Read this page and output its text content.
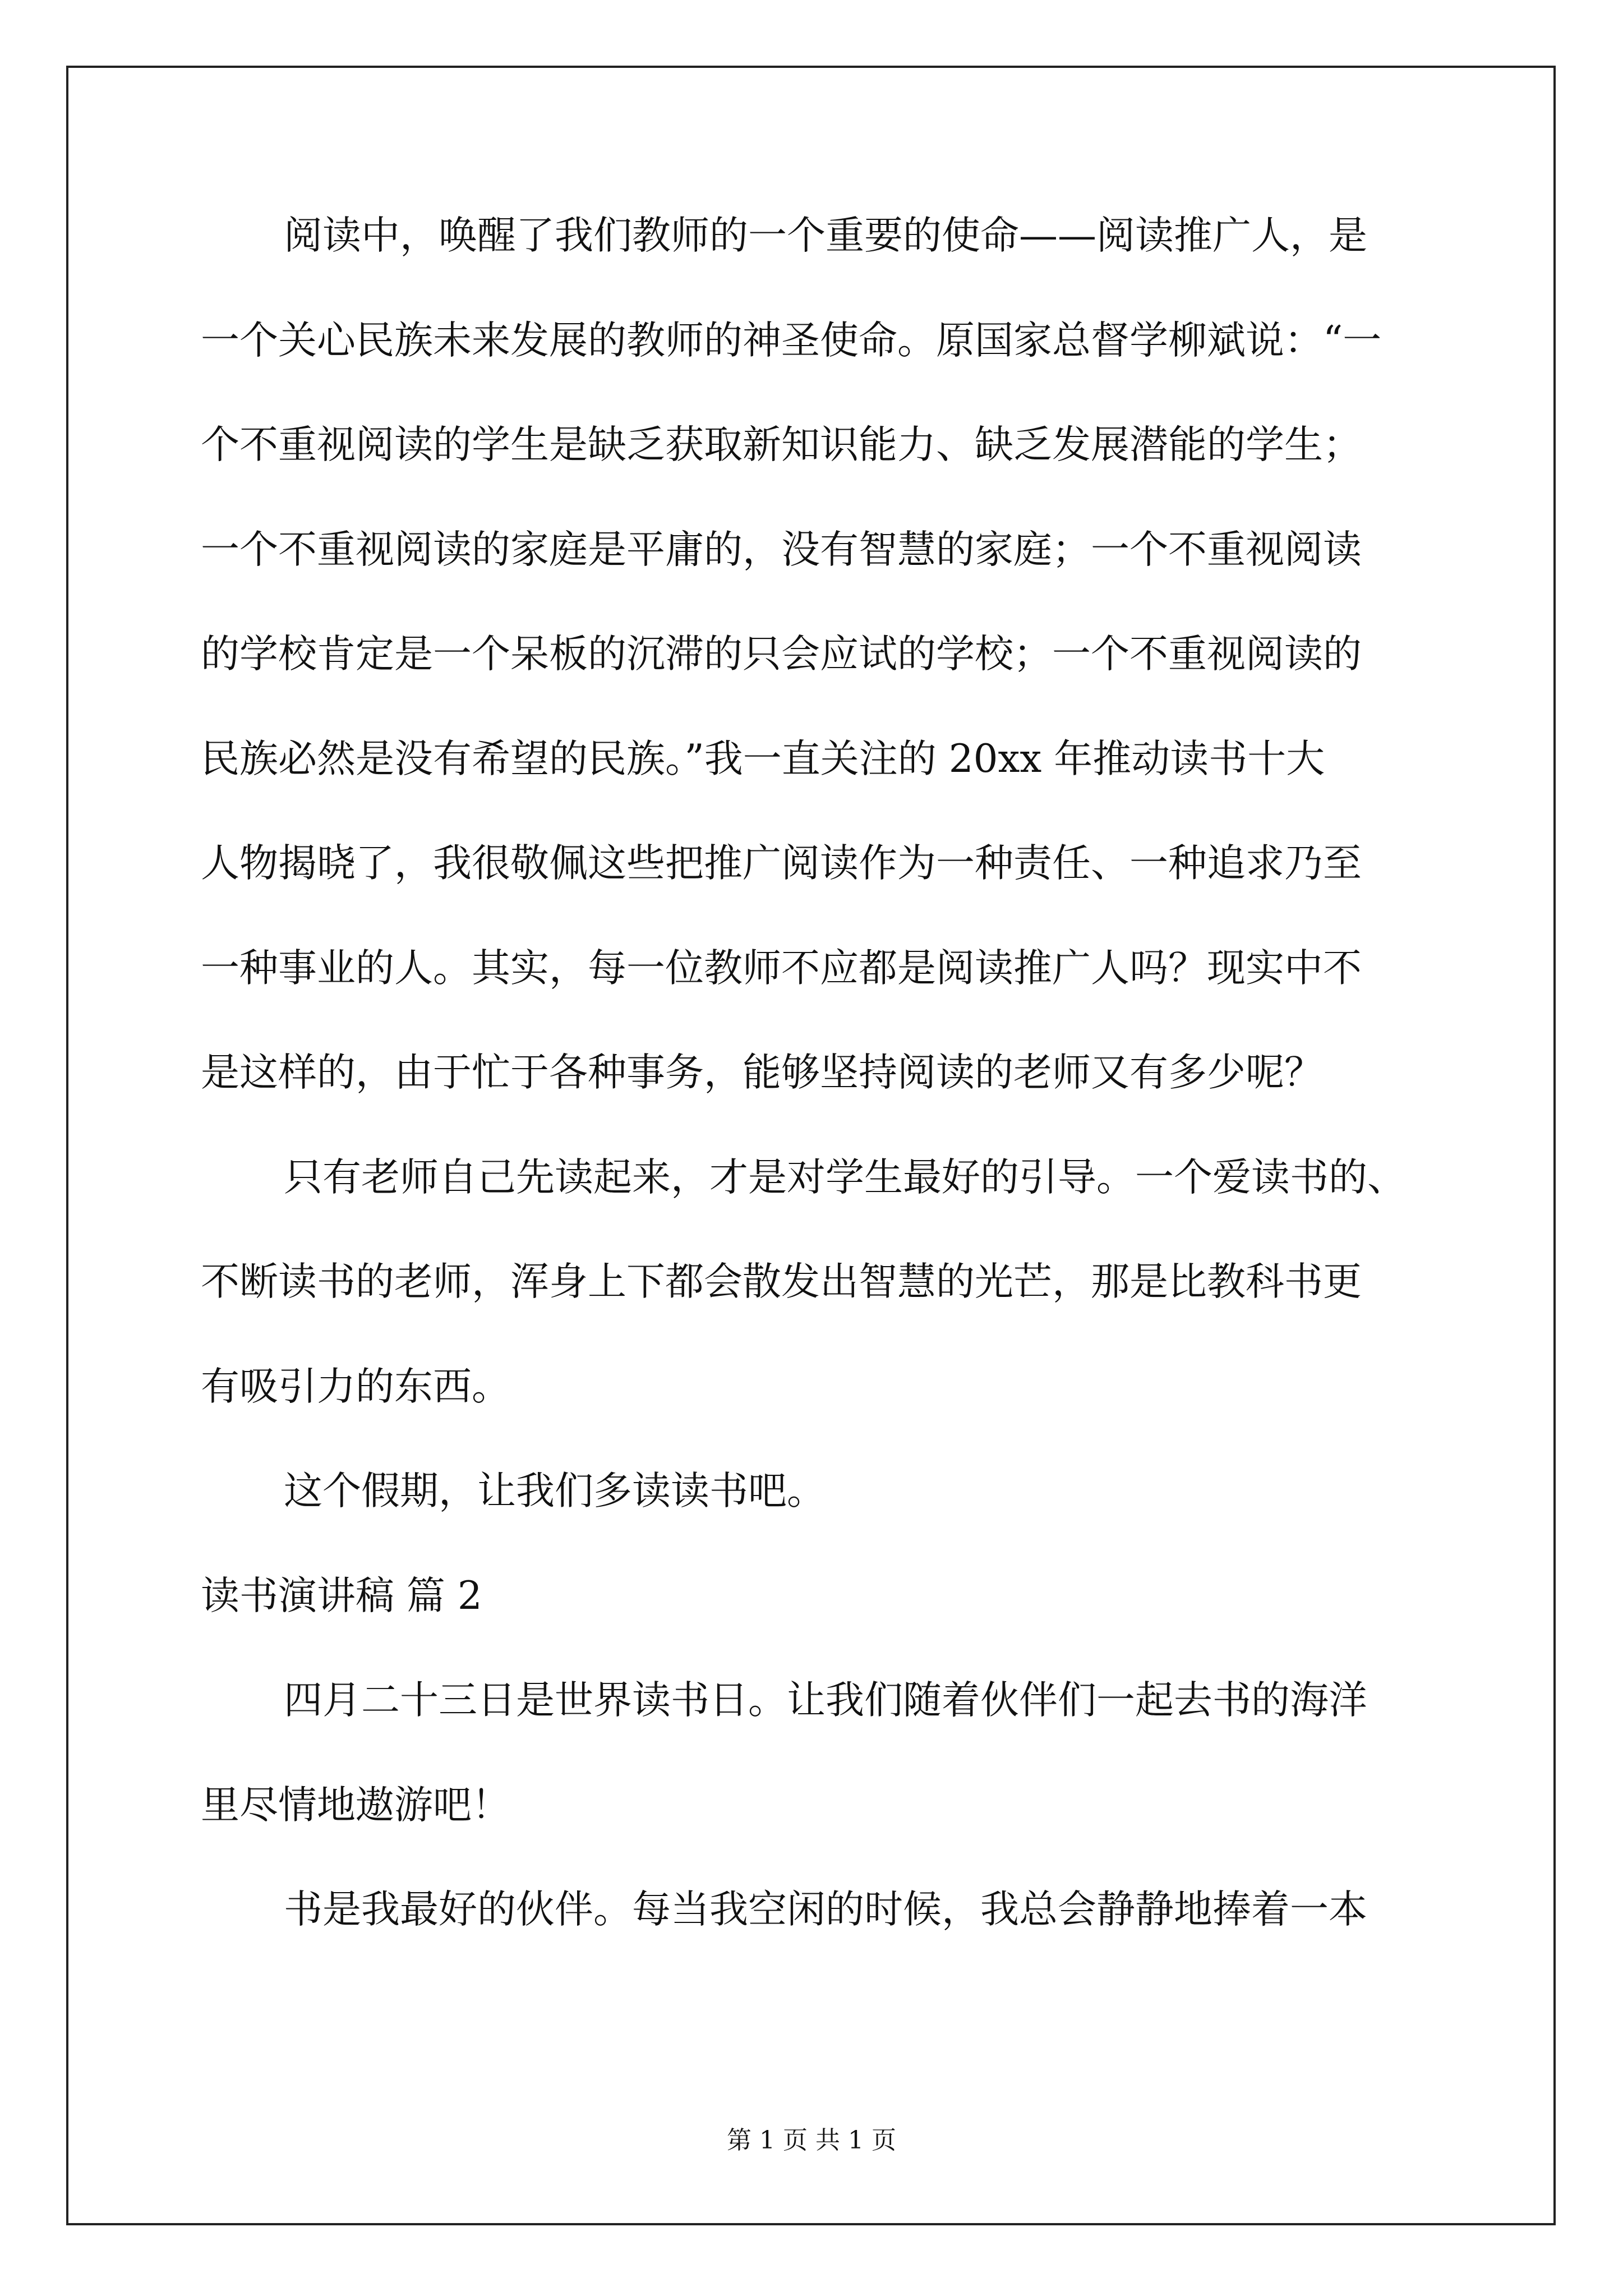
阅读中，唤醒了我们教师的一个重要的使命——阅读推广人，是
一个关心民族未来发展的教师的神圣使命。原国家总督学柳斌说：“一
个不重视阅读的学生是缺乏获取新知识能力、缺乏发展潜能的学生；
一个不重视阅读的家庭是平庸的，没有智慧的家庭；一个不重视阅读
的学校肯定是一个呆板的沉滞的只会应试的学校；一个不重视阅读的
民族必然是没有希望的民族。”我一直关注的 20xx 年推动读书十大
人物揭晓了，我很敬佩这些把推广阅读作为一种责任、一种追求乃至
一种事业的人。其实，每一位教师不应都是阅读推广人吗？现实中不
是这样的，由于忙于各种事务，能够坚持阅读的老师又有多少呢？
只有老师自己先读起来，才是对学生最好的引导。一个爱读书的、
不断读书的老师，浑身上下都会散发出智慧的光芒，那是比教科书更
有吸引力的东西。
这个假期，让我们多读读书吧。
读书演讲稿 篇 2
四月二十三日是世界读书日。让我们随着伙伴们一起去书的海洋
里尽情地遨游吧！
书是我最好的伙伴。每当我空闲的时候，我总会静静地捧着一本
第 1 页 共 1 页
